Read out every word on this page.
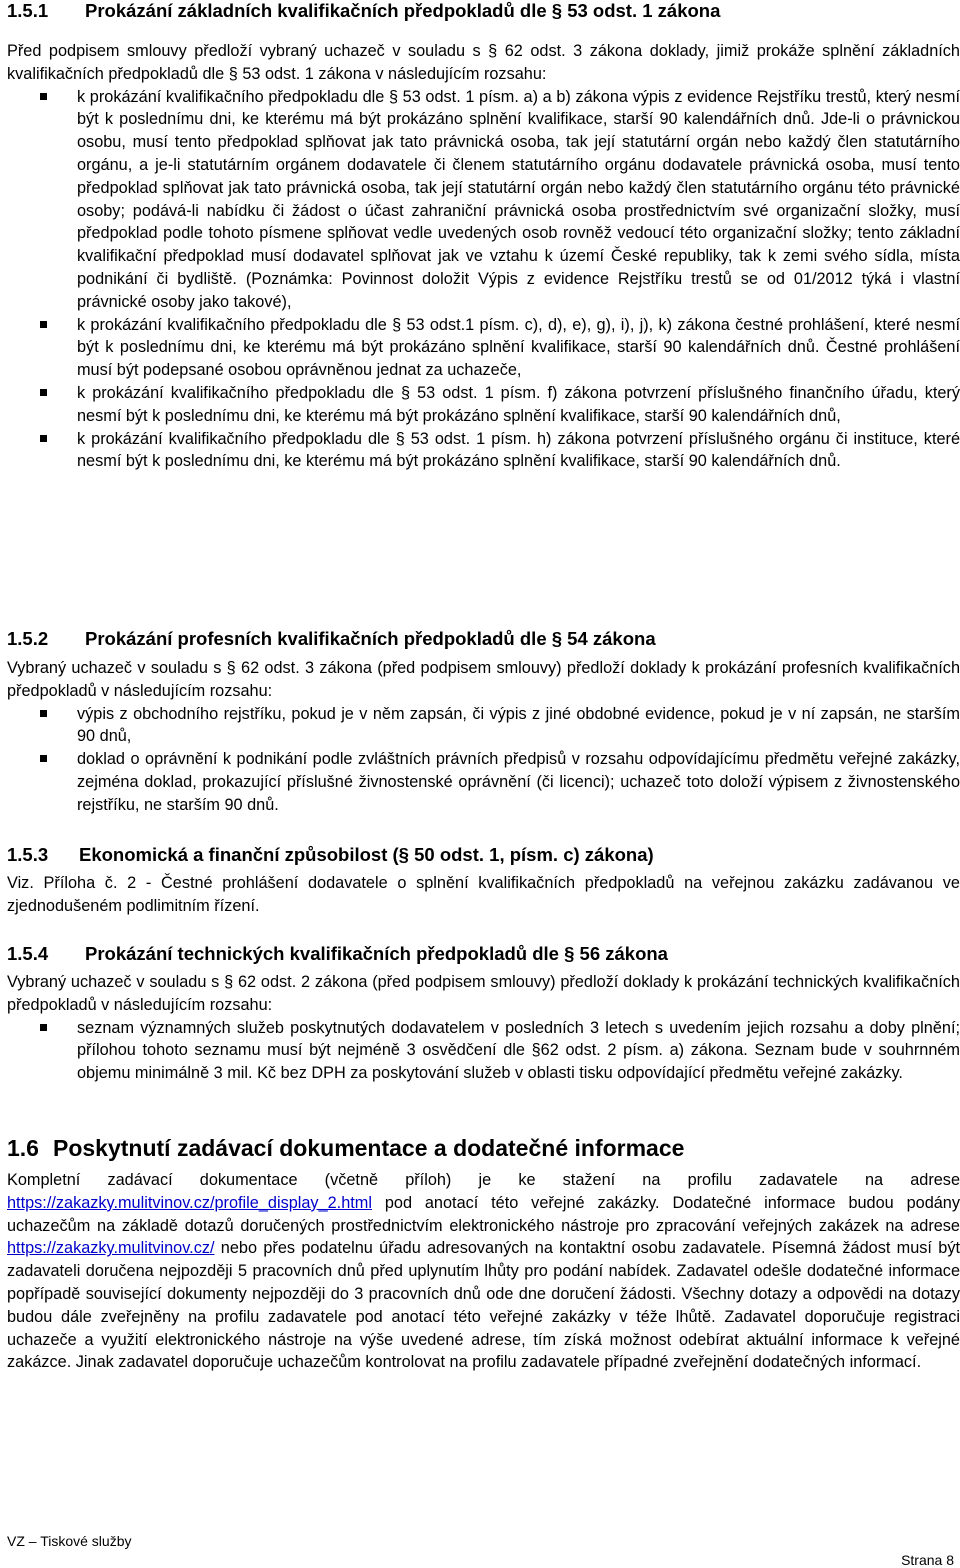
1.5.1	Prokázání základních kvalifikačních předpokladů dle § 53 odst. 1 zákona

Před podpisem smlouvy předloží vybraný uchazeč v souladu s § 62 odst. 3 zákona doklady, jimiž prokáže splnění základních kvalifikačních předpokladů dle § 53 odst. 1 zákona v následujícím rozsahu:

k prokázání kvalifikačního předpokladu dle § 53 odst. 1 písm. a) a b) zákona výpis z evidence Rejstříku trestů, který nesmí být k poslednímu dni, ke kterému má být prokázáno splnění kvalifikace, starší 90 kalendářních dnů. Jde-li o právnickou osobu, musí tento předpoklad splňovat jak tato právnická osoba, tak její statutární orgán nebo každý člen statutárního orgánu, a je-li statutárním orgánem dodavatele či členem statutárního orgánu dodavatele právnická osoba, musí tento předpoklad splňovat jak tato právnická osoba, tak její statutární orgán nebo každý člen statutárního orgánu této právnické osoby; podává-li nabídku či žádost o účast zahraniční právnická osoba prostřednictvím své organizační složky, musí předpoklad podle tohoto písmene splňovat vedle uvedených osob rovněž vedoucí této organizační složky; tento základní kvalifikační předpoklad musí dodavatel splňovat jak ve vztahu k území České republiky, tak k zemi svého sídla, místa podnikání či bydliště. (Poznámka: Povinnost doložit Výpis z evidence Rejstříku trestů se od 01/2012 týká i vlastní právnické osoby jako takové),
k prokázání kvalifikačního předpokladu dle § 53 odst.1 písm. c), d), e), g), i), j), k) zákona čestné prohlášení, které nesmí být k poslednímu dni, ke kterému má být prokázáno splnění kvalifikace, starší 90 kalendářních dnů. Čestné prohlášení musí být podepsané osobou oprávněnou jednat za uchazeče,
k prokázání kvalifikačního předpokladu dle § 53 odst. 1 písm. f) zákona potvrzení příslušného finančního úřadu, který nesmí být k poslednímu dni, ke kterému má být prokázáno splnění kvalifikace, starší 90 kalendářních dnů,
k prokázání kvalifikačního předpokladu dle § 53 odst. 1 písm. h) zákona potvrzení příslušného orgánu či instituce, které nesmí být k poslednímu dni, ke kterému má být prokázáno splnění kvalifikace, starší 90 kalendářních dnů.
1.5.2	Prokázání profesních kvalifikačních předpokladů dle § 54 zákona

Vybraný uchazeč v souladu s § 62 odst. 3 zákona (před podpisem smlouvy) předloží doklady k prokázání profesních kvalifikačních předpokladů v následujícím rozsahu:

výpis z obchodního rejstříku, pokud je v něm zapsán, či výpis z jiné obdobné evidence, pokud je v ní zapsán, ne starším 90 dnů,
doklad o oprávnění k podnikání podle zvláštních právních předpisů v rozsahu odpovídajícímu předmětu veřejné zakázky, zejména doklad, prokazující příslušné živnostenské oprávnění (či licenci); uchazeč toto doloží výpisem z živnostenského rejstříku, ne starším 90 dnů.
1.5.3	Ekonomická a finanční způsobilost (§ 50 odst. 1, písm. c) zákona)

Viz. Příloha č. 2 - Čestné prohlášení dodavatele o splnění kvalifikačních předpokladů na veřejnou zakázku zadávanou ve zjednodušeném podlimitním řízení.

1.5.4	Prokázání technických kvalifikačních předpokladů dle § 56 zákona

Vybraný uchazeč v souladu s § 62 odst. 2 zákona (před podpisem smlouvy) předloží doklady k prokázání technických kvalifikačních předpokladů v následujícím rozsahu:

seznam významných služeb poskytnutých dodavatelem v posledních 3 letech s uvedením jejich rozsahu a doby plnění; přílohou tohoto seznamu musí být nejméně 3 osvědčení dle §62 odst. 2 písm. a) zákona. Seznam bude v souhrnném objemu minimálně 3 mil. Kč bez DPH za poskytování služeb v oblasti tisku odpovídající předmětu veřejné zakázky.
1.6 Poskytnutí zadávací dokumentace a dodatečné informace

Kompletní zadávací dokumentace (včetně příloh) je ke stažení na profilu zadavatele na adrese https://zakazky.mulitvinov.cz/profile_display_2.html pod anotací této veřejné zakázky. Dodatečné informace budou podány uchazečům na základě dotazů doručených prostřednictvím elektronického nástroje pro zpracování veřejných zakázek na adrese https://zakazky.mulitvinov.cz/ nebo přes podatelnu úřadu adresovaných na kontaktní osobu zadavatele. Písemná žádost musí být zadavateli doručena nejpozději 5 pracovních dnů před uplynutím lhůty pro podání nabídek. Zadavatel odešle dodatečné informace popřípadě související dokumenty nejpozději do 3 pracovních dnů ode dne doručení žádosti. Všechny dotazy a odpovědi na dotazy budou dále zveřejněny na profilu zadavatele pod anotací této veřejné zakázky v téže lhůtě. Zadavatel doporučuje registraci uchazeče a využití elektronického nástroje na výše uvedené adrese, tím získá možnost odebírat aktuální informace k veřejné zakázce. Jinak zadavatel doporučuje uchazečům kontrolovat na profilu zadavatele případné zveřejnění dodatečných informací.

VZ – Tiskové služby
Strana 8
